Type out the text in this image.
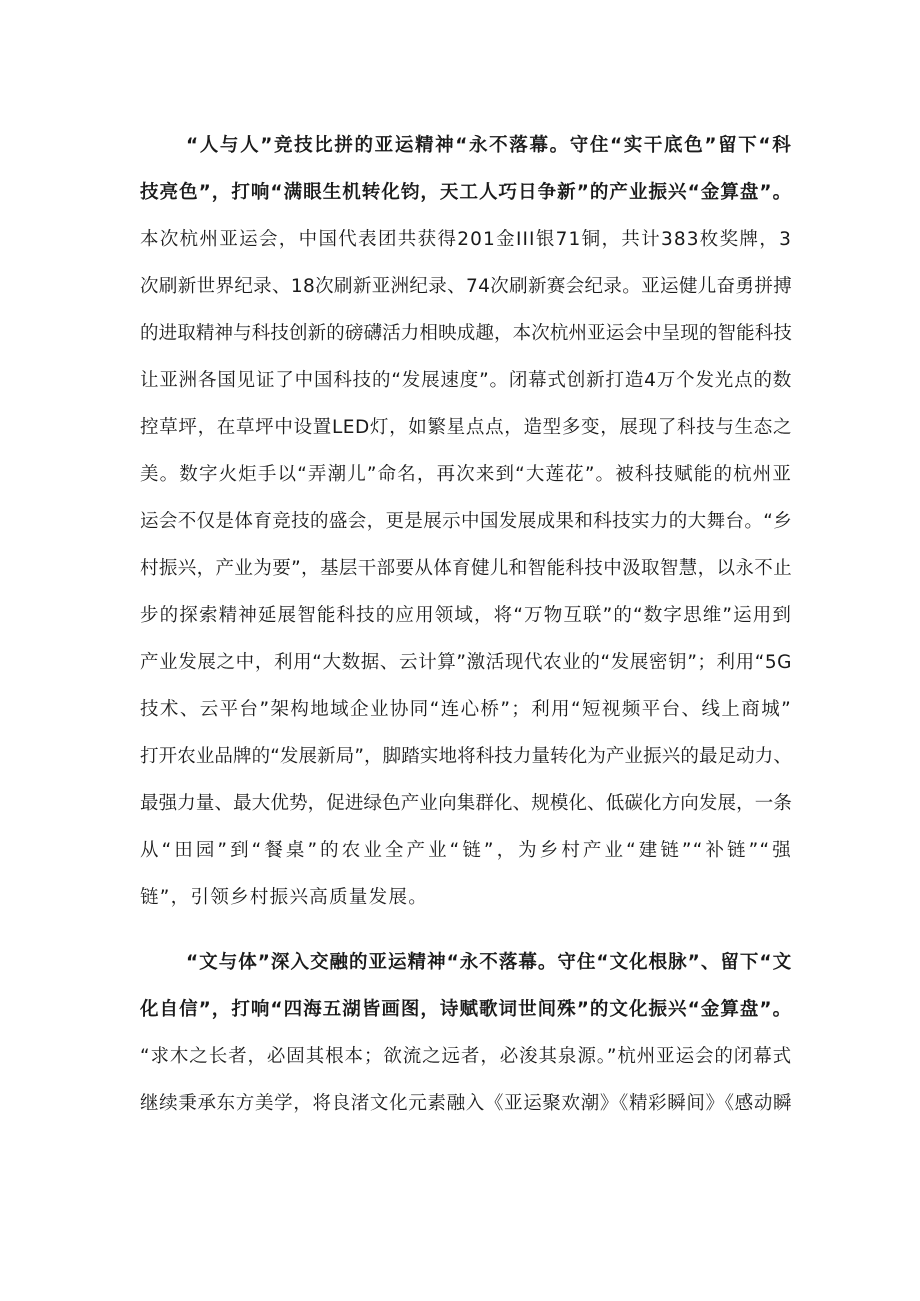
“人与人”竞技比拼的亚运精神“永不落幕。守住“实干底色”留下“科
技亮色”，打响“满眼生机转化钧，天工人巧日争新”的产业振兴“金算盘”。
本次杭州亚运会，中国代表团共获得201金III银71铜，共计383枚奖牌，3
次刷新世界纪录、18次刷新亚洲纪录、74次刷新赛会纪录。亚运健儿奋勇拼搏
的进取精神与科技创新的磅礴活力相映成趣，本次杭州亚运会中呈现的智能科技
让亚洲各国见证了中国科技的“发展速度”。闭幕式创新打造4万个发光点的数
控草坪，在草坪中设置LED灯，如繁星点点，造型多变，展现了科技与生态之
美。数字火炬手以“弄潮儿”命名，再次来到“大莲花”。被科技赋能的杭州亚
运会不仅是体育竞技的盛会，更是展示中国发展成果和科技实力的大舞台。“乡
村振兴，产业为要”，基层干部要从体育健儿和智能科技中汲取智慧，以永不止
步的探索精神延展智能科技的应用领域，将“万物互联”的“数字思维”运用到
产业发展之中，利用“大数据、云计算”激活现代农业的“发展密钥”；利用“5G
技术、云平台”架构地域企业协同“连心桥”；利用“短视频平台、线上商城”
打开农业品牌的“发展新局”，脚踏实地将科技力量转化为产业振兴的最足动力、
最强力量、最大优势，促进绿色产业向集群化、规模化、低碳化方向发展，一条
从“田园”到“餐桌”的农业全产业“链”，为乡村产业“建链”“补链”“强
链”，引领乡村振兴高质量发展。
“文与体”深入交融的亚运精神“永不落幕。守住“文化根脉”、留下“文
化自信”，打响“四海五湖皆画图，诗赋歌词世间殊”的文化振兴“金算盘”。
“求木之长者，必固其根本；欲流之远者，必浚其泉源。”杭州亚运会的闭幕式
继续秉承东方美学，将良渚文化元素融入《亚运聚欢潮》《精彩瞬间》《感动瞬
